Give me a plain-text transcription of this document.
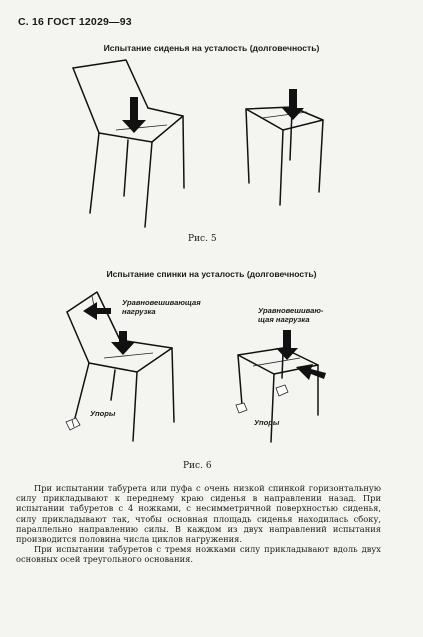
С. 16 ГОСТ 12029—93
Испытание сиденья на усталость (долговечность)
Рис. 5
Испытание спинки на усталость (долговечность)
Уравновешивающая
нагрузка
Упоры
Уравновешиваю-
щая нагрузка
Упоры
Рис. 6

При испытании табурета или пуфа с очень низкой спинкой горизонтальную силу прикладывают к переднему краю сиденья в направлении назад. При испытании табуретов с 4 ножками, с несимметричной поверхностью сиденья, силу прикладывают так, чтобы основная площадь сиденья находилась сбоку, параллельно направлению силы. В каждом из двух направлений испытания производится половина числа циклов нагружения.

При испытании табуретов с тремя ножками силу прикладывают вдоль двух основных осей треугольного основания.
